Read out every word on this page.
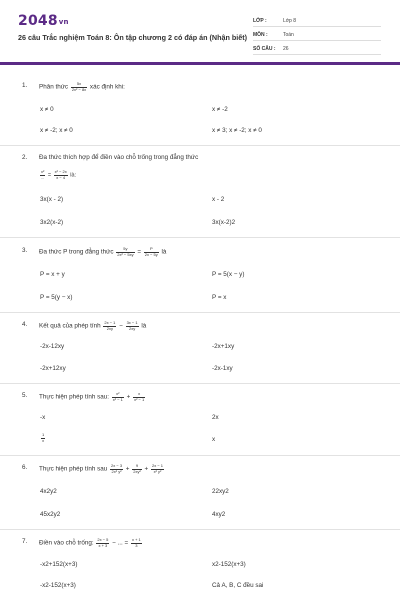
2048vn
26 câu Trắc nghiệm Toán 8: Ôn tập chương 2 có đáp án (Nhận biết)
LỚP :	Lớp 8
MÔN :	Toán
SỐ CÂU :	26
1. Phân thức $\frac{5x}{\text{2x² − 8x}}$ xác định khi:
x ≠ 0	x ≠ -2
x ≠ -2; x ≠ 0	x ≠ 3; x ≠ -2; x ≠ 0
2. Đa thức thích hợp để điền vào chỗ trống trong đẳng thức
$\frac{\text{x²}}{...} = \frac{\text{x² − 2x}}{x - 4}$ là:
3x(x - 2)	x - 2
3x2(x-2)	3x(x-2)2
3. Đa thức P trong đẳng thức $\frac{5y}{\text{2x² − 5xy}} = \frac{P}{2x - 5y}$ là
P = x + y	P = 5(x − y)
P = 5(y − x)	P = x
4. Kết quả của phép tính $\frac{2x - 1}{2xy} - \frac{3x - 1}{2xy}$ là
-2x-12xy	-2x+1xy
-2x+12xy	-2x-1xy
5. Thực hiện phép tính sau: $\frac{\text{x²}}{\text{x² − 1}} + \frac{x}{\text{x² − 1}}$
-x	2x
$\frac{1}{x}$	x
6. Thực hiện phép tính sau $\frac{2x - 3}{\text{2x² y²}} + \frac{9}{\text{2xy²}} + \frac{2x - 1}{\text{x² y²}}$
4x2y2	22xy2
45x2y2	4xy2
7. Điền vào chỗ trống: $\frac{2x - 5}{x + 3}$ − ... = $\frac{x + 1}{3}$
-x2+152(x+3)	x2-152(x+3)
-x2-152(x+3)	Cả A, B, C đều sai
